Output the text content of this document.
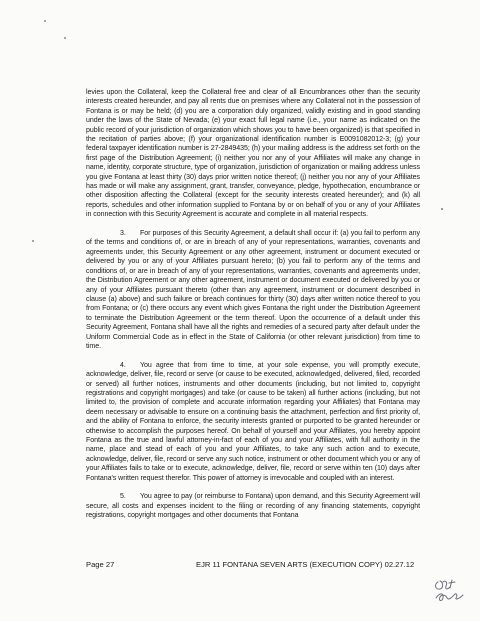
levies upon the Collateral, keep the Collateral free and clear of all Encumbrances other than the security interests created hereunder, and pay all rents due on premises where any Collateral not in the possession of Fontana is or may be held; (d) you are a corporation duly organized, validly existing and in good standing under the laws of the State of Nevada; (e) your exact full legal name (i.e., your name as indicated on the public record of your jurisdiction of organization which shows you to have been organized) is that specified in the recitation of parties above; (f) your organizational identification number is E0091082012-3; (g) your federal taxpayer identification number is 27-2849435; (h) your mailing address is the address set forth on the first page of the Distribution Agreement; (i) neither you nor any of your Affiliates will make any change in name, identity, corporate structure, type of organization, jurisdiction of organization or mailing address unless you give Fontana at least thirty (30) days prior written notice thereof; (j) neither you nor any of your Affiliates has made or will make any assignment, grant, transfer, conveyance, pledge, hypothecation, encumbrance or other disposition affecting the Collateral (except for the security interests created hereunder); and (k) all reports, schedules and other information supplied to Fontana by or on behalf of you or any of your Affiliates in connection with this Security Agreement is accurate and complete in all material respects.

3. For purposes of this Security Agreement, a default shall occur if: (a) you fail to perform any of the terms and conditions of, or are in breach of any of your representations, warranties, covenants and agreements under, this Security Agreement or any other agreement, instrument or document executed or delivered by you or any of your Affiliates pursuant hereto; (b) you fail to perform any of the terms and conditions of, or are in breach of any of your representations, warranties, covenants and agreements under, the Distribution Agreement or any other agreement, instrument or document executed or delivered by you or any of your Affiliates pursuant thereto (other than any agreement, instrument or document described in clause (a) above) and such failure or breach continues for thirty (30) days after written notice thereof to you from Fontana; or (c) there occurs any event which gives Fontana the right under the Distribution Agreement to terminate the Distribution Agreement or the term thereof. Upon the occurrence of a default under this Security Agreement, Fontana shall have all the rights and remedies of a secured party after default under the Uniform Commercial Code as in effect in the State of California (or other relevant jurisdiction) from time to time.

4. You agree that from time to time, at your sole expense, you will promptly execute, acknowledge, deliver, file, record or serve (or cause to be executed, acknowledged, delivered, filed, recorded or served) all further notices, instruments and other documents (including, but not limited to, copyright registrations and copyright mortgages) and take (or cause to be taken) all further actions (including, but not limited to, the provision of complete and accurate information regarding your Affiliates) that Fontana may deem necessary or advisable to ensure on a continuing basis the attachment, perfection and first priority of, and the ability of Fontana to enforce, the security interests granted or purported to be granted hereunder or otherwise to accomplish the purposes hereof. On behalf of yourself and your Affiliates, you hereby appoint Fontana as the true and lawful attorney-in-fact of each of you and your Affiliates, with full authority in the name, place and stead of each of you and your Affiliates, to take any such action and to execute, acknowledge, deliver, file, record or serve any such notice, instrument or other document which you or any of your Affiliates fails to take or to execute, acknowledge, deliver, file, record or serve within ten (10) days after Fontana's written request therefor. This power of attorney is irrevocable and coupled with an interest.

5. You agree to pay (or reimburse to Fontana) upon demand, and this Security Agreement will secure, all costs and expenses incident to the filing or recording of any financing statements, copyright registrations, copyright mortgages and other documents that Fontana

Page 27	EJR 11 FONTANA SEVEN ARTS (EXECUTION COPY) 02.27.12
